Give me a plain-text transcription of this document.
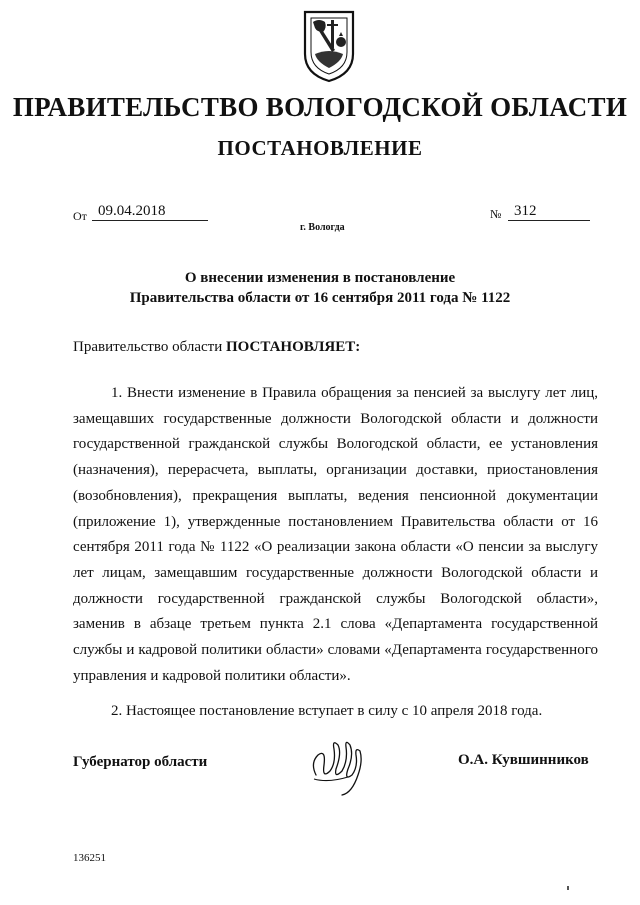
ПРАВИТЕЛЬСТВО ВОЛОГОДСКОЙ ОБЛАСТИ
ПОСТАНОВЛЕНИЕ
От 09.04.2018	№ 312
г. Вологда
О внесении изменения в постановление
Правительства области от 16 сентября 2011 года № 1122
Правительство области ПОСТАНОВЛЯЕТ:
1. Внести изменение в Правила обращения за пенсией за выслугу лет лиц, замещавших государственные должности Вологодской области и должности государственной гражданской службы Вологодской области, ее установления (назначения), перерасчета, выплаты, организации доставки, приостановления (возобновления), прекращения выплаты, ведения пенсионной документации (приложение 1), утвержденные постановлением Правительства области от 16 сентября 2011 года № 1122 «О реализации закона области «О пенсии за выслугу лет лицам, замещавшим государственные должности Вологодской области и должности государственной гражданской службы Вологодской области», заменив в абзаце третьем пункта 2.1 слова «Департамента государственной службы и кадровой политики области» словами «Департамента государственного управления и кадровой политики области».
2. Настоящее постановление вступает в силу с 10 апреля 2018 года.
Губернатор области	О.А. Кувшинников
136251
